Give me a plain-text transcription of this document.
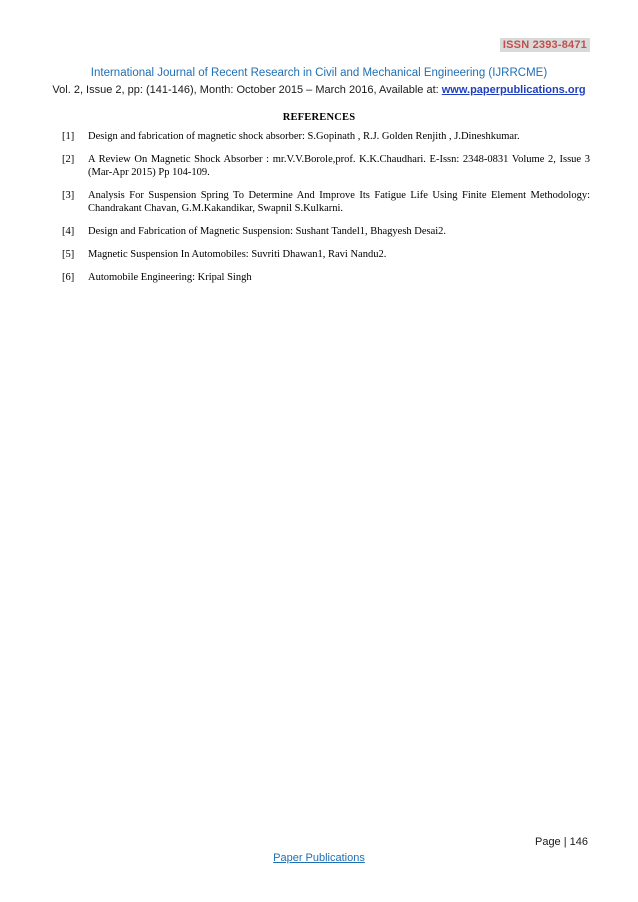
ISSN 2393-8471
International Journal of Recent Research in Civil and Mechanical Engineering (IJRRCME)
Vol. 2, Issue 2, pp: (141-146), Month: October 2015 – March 2016, Available at: www.paperpublications.org
REFERENCES
[1]	Design and fabrication of magnetic shock absorber: S.Gopinath , R.J. Golden Renjith , J.Dineshkumar.
[2]	A Review On Magnetic Shock Absorber : mr.V.V.Borole,prof. K.K.Chaudhari. E-Issn: 2348-0831 Volume 2, Issue 3 (Mar-Apr 2015) Pp 104-109.
[3]	Analysis For Suspension Spring To Determine And Improve Its Fatigue Life Using Finite Element Methodology: Chandrakant Chavan, G.M.Kakandikar, Swapnil S.Kulkarni.
[4]	Design and Fabrication of Magnetic Suspension: Sushant Tandel1, Bhagyesh Desai2.
[5]	Magnetic Suspension In Automobiles: Suvriti Dhawan1, Ravi Nandu2.
[6]	Automobile Engineering: Kripal Singh
Page | 146
Paper Publications
